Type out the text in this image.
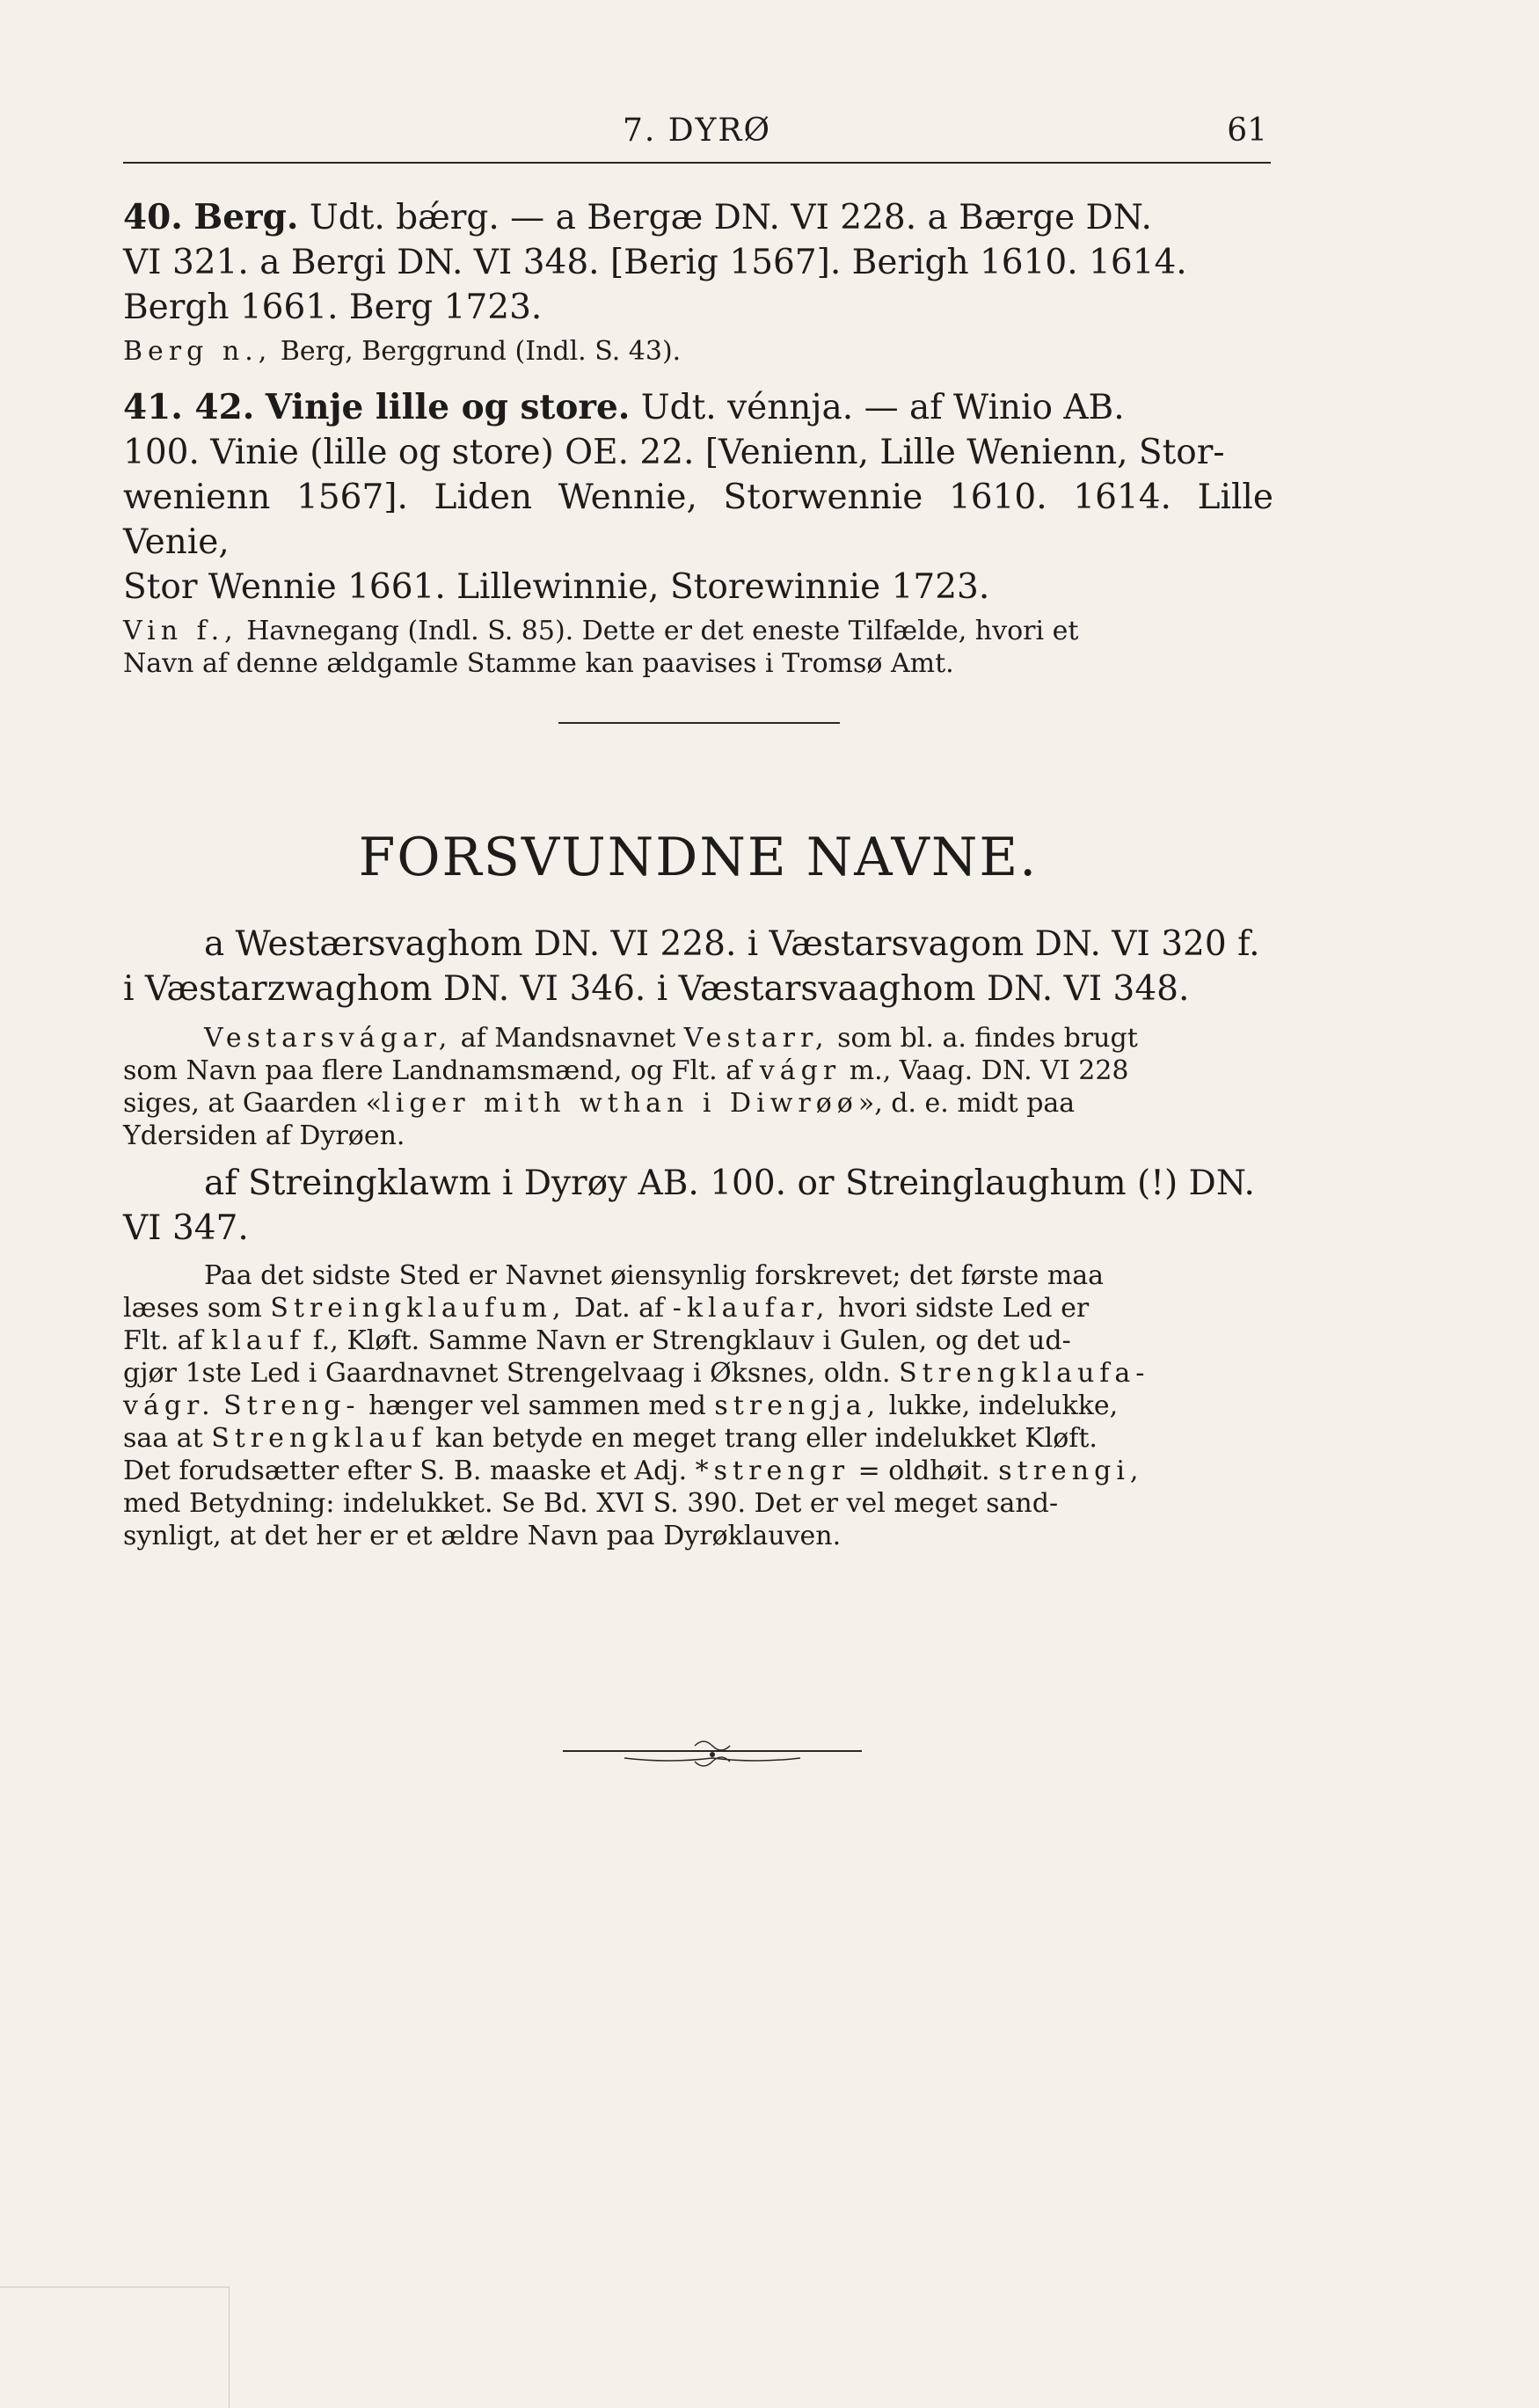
7. DYRØ	61

40. Berg. Udt. bǽrg. — a Bergæ DN. VI 228. a Bærge DN.

VI 321. a Bergi DN. VI 348. [Berig 1567]. Berigh 1610. 1614.

Bergh 1661. Berg 1723.

Berg n., Berg, Berggrund (Indl. S. 43).

41. 42. Vinje lille og store. Udt. vénnja. — af Winio AB.

100. Vinie (lille og store) OE. 22. [Venienn, Lille Wenienn, Stor-

wenienn 1567]. Liden Wennie, Storwennie 1610. 1614. Lille Venie,

Stor Wennie 1661. Lillewinnie, Storewinnie 1723.

Vin f., Havnegang (Indl. S. 85). Dette er det eneste Tilfælde, hvori et

Navn af denne ældgamle Stamme kan paavises i Tromsø Amt.

FORSVUNDNE NAVNE.

a Westærsvaghom DN. VI 228. i Væstarsvagom DN. VI 320 f.

i Væstarzwaghom DN. VI 346. i Væstarsvaaghom DN. VI 348.

Vestarsvágar, af Mandsnavnet Vestarr, som bl. a. findes brugt

som Navn paa flere Landnamsmænd, og Flt. af vágr m., Vaag. DN. VI 228

siges, at Gaarden «liger mith wthan i Diwrøø», d. e. midt paa

Ydersiden af Dyrøen.

af Streingklawm i Dyrøy AB. 100. or Streinglaughum (!) DN.

VI 347.

Paa det sidste Sted er Navnet øiensynlig forskrevet; det første maa

læses som Streingklaufum, Dat. af -klaufar, hvori sidste Led er

Flt. af klauf f., Kløft. Samme Navn er Strengklauv i Gulen, og det ud-

gjør 1ste Led i Gaardnavnet Strengelvaag i Øksnes, oldn. Strengklaufa-

vágr. Streng- hænger vel sammen med strengja, lukke, indelukke,

saa at Strengklauf kan betyde en meget trang eller indelukket Kløft.

Det forudsætter efter S. B. maaske et Adj. *strengr = oldhøit. strengi,

med Betydning: indelukket. Se Bd. XVI S. 390. Det er vel meget sand-

synligt, at det her er et ældre Navn paa Dyrøklauven.
